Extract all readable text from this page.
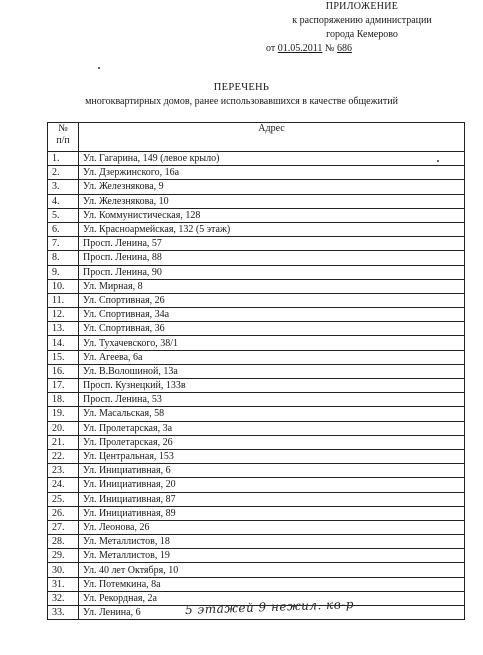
ПРИЛОЖЕНИЕ
к распоряжению администрации
города Кемерово
от 01.05.2011 № 686
ПЕРЕЧЕНЬ
многоквартирных домов, ранее использовавшихся в качестве общежитий
№
п/п	Адрес
1.	Ул. Гагарина, 149 (левое крыло)
2.	Ул. Дзержинского, 16а
3.	Ул. Железнякова, 9
4.	Ул. Железнякова, 10
5.	Ул. Коммунистическая, 128
6.	Ул. Красноармейская, 132 (5 этаж)
7.	Просп. Ленина, 57
8.	Просп. Ленина, 88
9.	Просп. Ленина, 90
10.	Ул. Мирная, 8
11.	Ул. Спортивная, 26
12.	Ул. Спортивная, 34а
13.	Ул. Спортивная, 36
14.	Ул. Тухачевского, 38/1
15.	Ул. Агеева, 6а
16.	Ул. В.Волошиной, 13а
17.	Просп. Кузнецкий, 133в
18.	Просп. Ленина, 53
19.	Ул. Масальская, 58
20.	Ул. Пролетарская, 3а
21.	Ул. Пролетарская, 26
22.	Ул. Центральная, 153
23.	Ул. Инициативная, 6
24.	Ул. Инициативная, 20
25.	Ул. Инициативная, 87
26.	Ул. Инициативная, 89
27.	Ул. Леонова, 26
28.	Ул. Металлистов, 18
29.	Ул. Металлистов, 19
30.	Ул. 40 лет Октября, 10
31.	Ул. Потемкина, 8а
32.	Ул. Рекордная, 2а
33.	Ул. Ленина, 6	5 этажей 9 нежил. кв-р
